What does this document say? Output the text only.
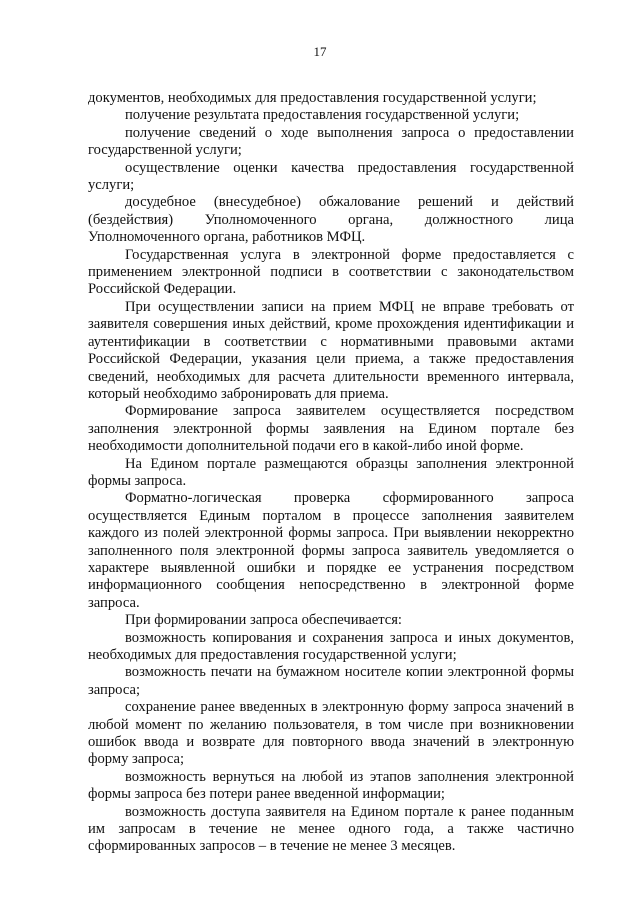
17

документов, необходимых для предоставления государственной услуги;

получение результата предоставления государственной услуги;

получение сведений о ходе выполнения запроса о предоставлении государственной услуги;

осуществление оценки качества предоставления государственной услуги;

досудебное (внесудебное) обжалование решений и действий (бездействия) Уполномоченного органа, должностного лица Уполномоченного органа, работников МФЦ.

Государственная услуга в электронной форме предоставляется с применением электронной подписи в соответствии с законодательством Российской Федерации.

При осуществлении записи на прием МФЦ не вправе требовать от заявителя совершения иных действий, кроме прохождения идентификации и аутентификации в соответствии с нормативными правовыми актами Российской Федерации, указания цели приема, а также предоставления сведений, необходимых для расчета длительности временного интервала, который необходимо забронировать для приема.

Формирование запроса заявителем осуществляется посредством заполнения электронной формы заявления на Едином портале без необходимости дополнительной подачи его в какой-либо иной форме.

На Едином портале размещаются образцы заполнения электронной формы запроса.

Форматно-логическая проверка сформированного запроса осуществляется Единым порталом в процессе заполнения заявителем каждого из полей электронной формы запроса. При выявлении некорректно заполненного поля электронной формы запроса заявитель уведомляется о характере выявленной ошибки и порядке ее устранения посредством информационного сообщения непосредственно в электронной форме запроса.

При формировании запроса обеспечивается:

возможность копирования и сохранения запроса и иных документов, необходимых для предоставления государственной услуги;

возможность печати на бумажном носителе копии электронной формы запроса;

сохранение ранее введенных в электронную форму запроса значений в любой момент по желанию пользователя, в том числе при возникновении ошибок ввода и возврате для повторного ввода значений в электронную форму запроса;

возможность вернуться на любой из этапов заполнения электронной формы запроса без потери ранее введенной информации;

возможность доступа заявителя на Едином портале к ранее поданным им запросам в течение не менее одного года, а также частично сформированных запросов – в течение не менее 3 месяцев.
